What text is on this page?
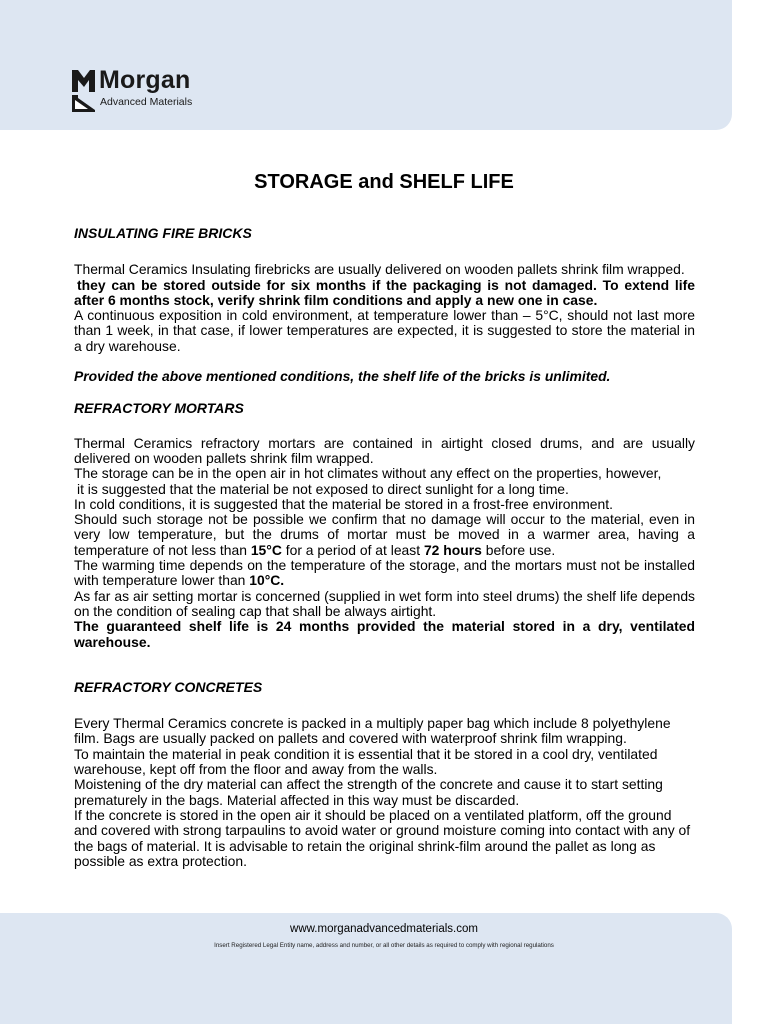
Morgan
Advanced Materials
STORAGE and SHELF LIFE

INSULATING FIRE BRICKS

Thermal Ceramics Insulating firebricks are usually delivered on wooden pallets shrink film wrapped.

they can be stored outside for six months if the packaging is not damaged. To extend life after 6 months stock, verify shrink film conditions and apply a new one in case.

A continuous exposition in cold environment, at temperature lower than – 5°C, should not last more than 1 week, in that case, if lower temperatures are expected, it is suggested to store the material in a dry warehouse.

Provided the above mentioned conditions, the shelf life of the bricks is unlimited.

REFRACTORY MORTARS

Thermal Ceramics refractory mortars are contained in airtight closed drums, and are usually delivered on wooden pallets shrink film wrapped.

The storage can be in the open air in hot climates without any effect on the properties, however,

it is suggested that the material be not exposed to direct sunlight for a long time.

In cold conditions, it is suggested that the material be stored in a frost-free environment.

Should such storage not be possible we confirm that no damage will occur to the material, even in very low temperature, but the drums of mortar must be moved in a warmer area, having a temperature of not less than 15°C for a period of at least 72 hours before use.

The warming time depends on the temperature of the storage, and the mortars must not be installed with temperature lower than 10°C.

As far as air setting mortar is concerned (supplied in wet form into steel drums) the shelf life depends on the condition of sealing cap that shall be always airtight.

The guaranteed shelf life is 24 months provided the material stored in a dry, ventilated warehouse.

REFRACTORY CONCRETES

Every Thermal Ceramics concrete is packed in a multiply paper bag which include 8 polyethylene film. Bags are usually packed on pallets and covered with waterproof shrink film wrapping.

To maintain the material in peak condition it is essential that it be stored in a cool dry, ventilated warehouse, kept off from the floor and away from the walls.

Moistening of the dry material can affect the strength of the concrete and cause it to start setting prematurely in the bags. Material affected in this way must be discarded.

If the concrete is stored in the open air it should be placed on a ventilated platform, off the ground and covered with strong tarpaulins to avoid water or ground moisture coming into contact with any of the bags of material. It is advisable to retain the original shrink-film around the pallet as long as possible as extra protection.

www.morganadvancedmaterials.com
Insert Registered Legal Entity name, address and number, or all other details as required to comply with regional regulations
